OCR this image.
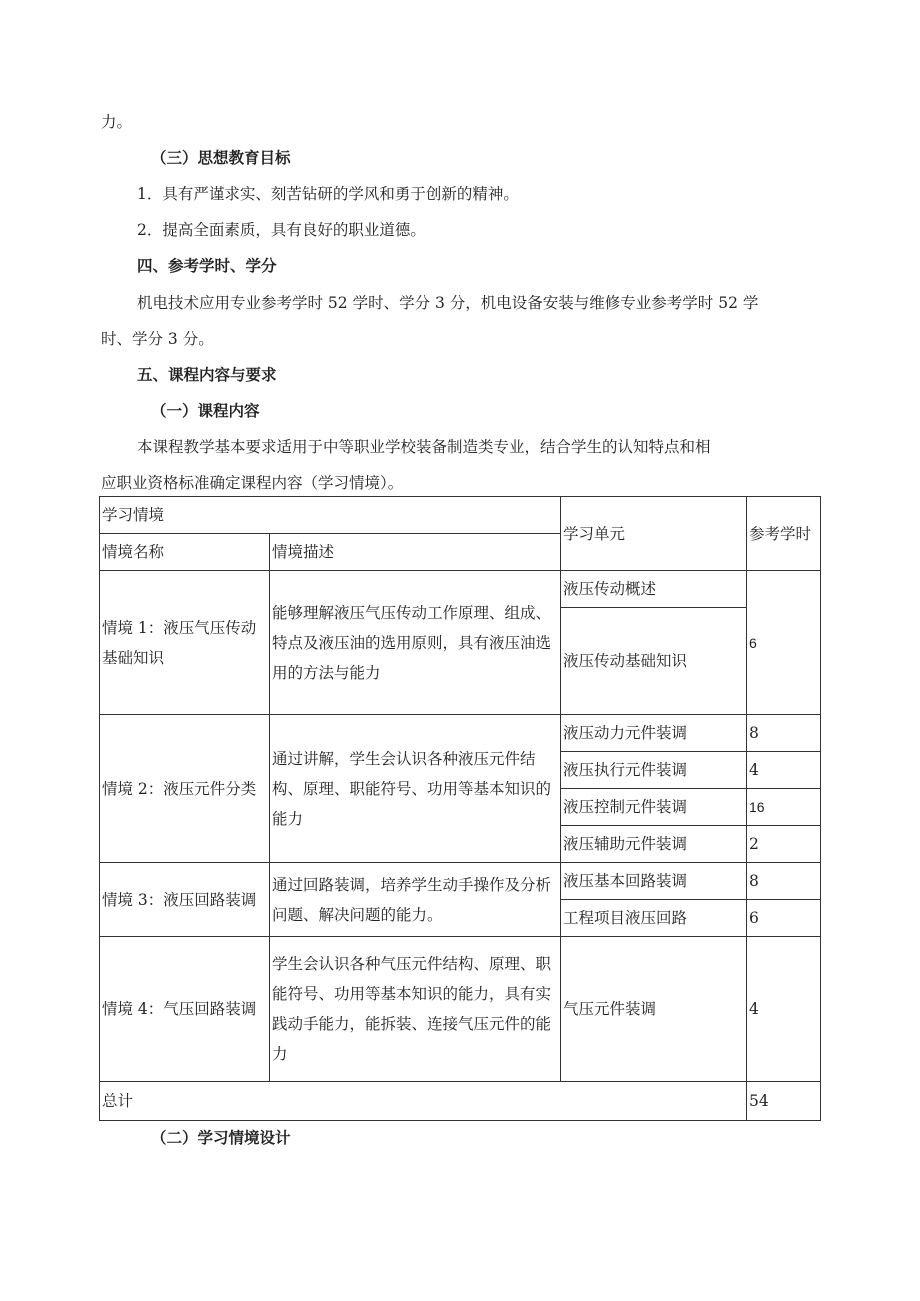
力。
（三）思想教育目标
1．具有严谨求实、刻苦钻研的学风和勇于创新的精神。
2．提高全面素质，具有良好的职业道德。
四、参考学时、学分
机电技术应用专业参考学时 52 学时、学分 3 分，机电设备安装与维修专业参考学时 52 学
时、学分 3 分。
五、课程内容与要求
（一）课程内容
本课程教学基本要求适用于中等职业学校装备制造类专业，结合学生的认知特点和相
应职业资格标准确定课程内容（学习情境）。
学习情境		学习单元	参考学时
情境名称	情境描述		
情境 1：液压气压传动基础知识	能够理解液压气压传动工作原理、组成、特点及液压油的选用原则，具有液压油选用的方法与能力	液压传动概述	6
		液压传动基础知识	
情境 2：液压元件分类	通过讲解，学生会认识各种液压元件结构、原理、职能符号、功用等基本知识的能力	液压动力元件装调	8
		液压执行元件装调	4
		液压控制元件装调	16
		液压辅助元件装调	2
情境 3：液压回路装调	通过回路装调，培养学生动手操作及分析问题、解决问题的能力。	液压基本回路装调	8
		工程项目液压回路	6
情境 4：气压回路装调	学生会认识各种气压元件结构、原理、职能符号、功用等基本知识的能力，具有实践动手能力，能拆装、连接气压元件的能力	气压元件装调	4
总计			54
（二）学习情境设计
